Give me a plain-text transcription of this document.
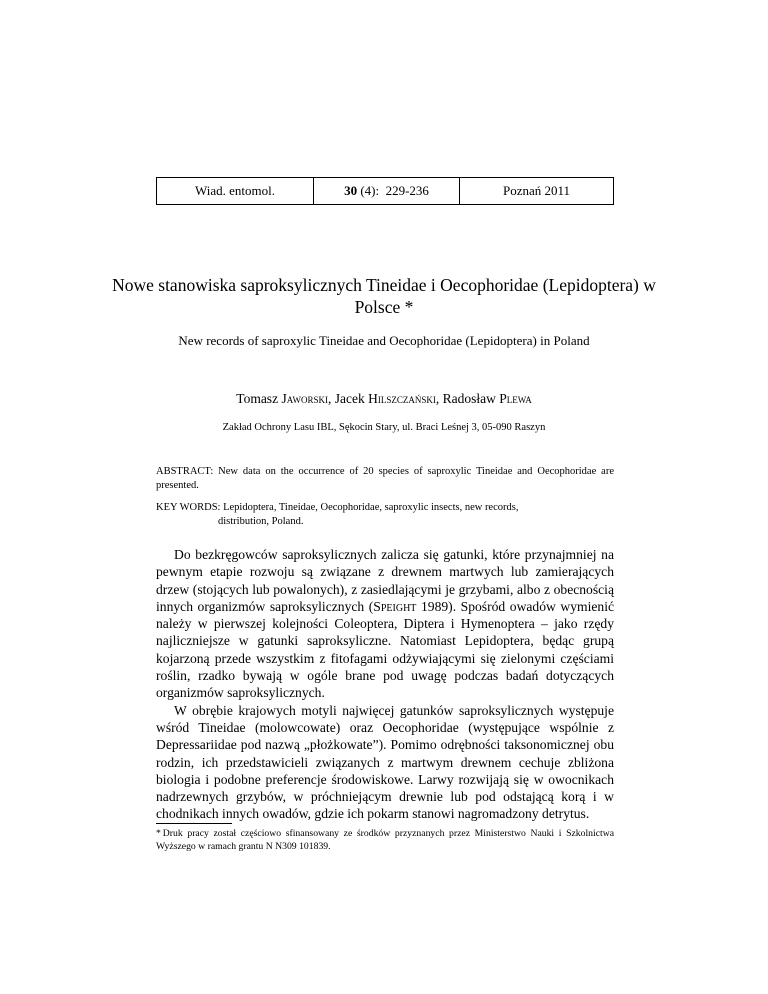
Wiad. entomol.	30 (4):  229-236	Poznań 2011
Nowe stanowiska saproksylicznych Tineidae i Oecophoridae (Lepidoptera) w Polsce *
New records of saproxylic Tineidae and Oecophoridae (Lepidoptera) in Poland
Tomasz Jaworski, Jacek Hilszczański, Radosław Plewa
Zakład Ochrony Lasu IBL, Sękocin Stary, ul. Braci Leśnej 3, 05-090 Raszyn
ABSTRACT: New data on the occurrence of 20 species of saproxylic Tineidae and Oecophoridae are presented.
KEY WORDS: Lepidoptera, Tineidae, Oecophoridae, saproxylic insects, new records,
distribution, Poland.

Do bezkręgowców saproksylicznych zalicza się gatunki, które przynajmniej na pewnym etapie rozwoju są związane z drewnem martwych lub zamierających drzew (stojących lub powalonych), z zasiedlającymi je grzybami, albo z obecnością innych organizmów saproksylicznych (Speight 1989). Spośród owadów wymienić należy w pierwszej kolejności Coleoptera, Diptera i Hymenoptera – jako rzędy najliczniejsze w gatunki saproksyliczne. Natomiast Lepidoptera, będąc grupą kojarzoną przede wszystkim z fitofagami odżywiającymi się zielonymi częściami roślin, rzadko bywają w ogóle brane pod uwagę podczas badań dotyczących organizmów saproksylicznych.

W obrębie krajowych motyli najwięcej gatunków saproksylicznych występuje wśród Tineidae (molowcowate) oraz Oecophoridae (występujące wspólnie z Depressariidae pod nazwą „płożkowate”). Pomimo odrębności taksonomicznej obu rodzin, ich przedstawicieli związanych z martwym drewnem cechuje zbliżona biologia i podobne preferencje środowiskowe. Larwy rozwijają się w owocnikach nadrzewnych grzybów, w próchniejącym drewnie lub pod odstającą korą i w chodnikach innych owadów, gdzie ich pokarm stanowi nagromadzony detrytus.

*  Druk pracy został częściowo sfinansowany ze środków przyznanych przez Ministerstwo Nauki i Szkolnictwa Wyższego w ramach grantu N N309 101839.
